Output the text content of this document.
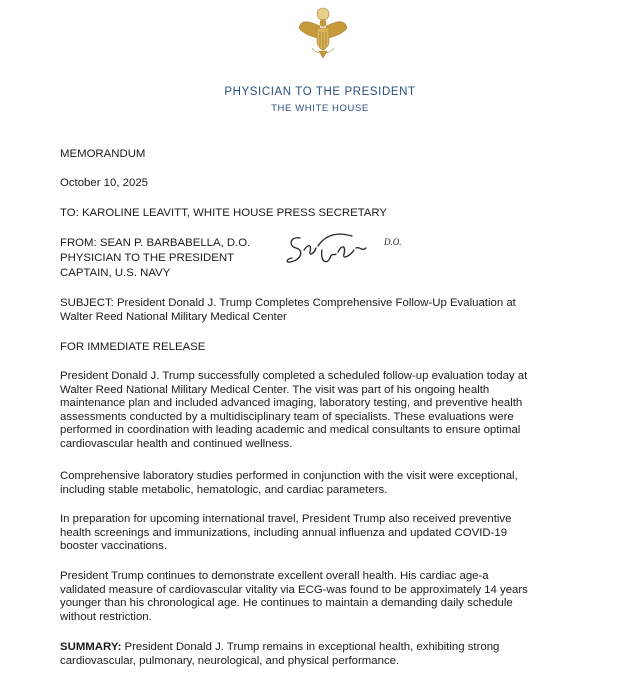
PHYSICIAN TO THE PRESIDENT
THE WHITE HOUSE
MEMORANDUM
October 10, 2025
TO: KAROLINE LEAVITT, WHITE HOUSE PRESS SECRETARY
FROM: SEAN P. BARBABELLA, D.O.
PHYSICIAN TO THE PRESIDENT
CAPTAIN, U.S. NAVY
D.O.
SUBJECT: President Donald J. Trump Completes Comprehensive Follow-Up Evaluation at
Walter Reed National Military Medical Center
FOR IMMEDIATE RELEASE
President Donald J. Trump successfully completed a scheduled follow-up evaluation today at
Walter Reed National Military Medical Center. The visit was part of his ongoing health
maintenance plan and included advanced imaging, laboratory testing, and preventive health
assessments conducted by a multidisciplinary team of specialists. These evaluations were
performed in coordination with leading academic and medical consultants to ensure optimal
cardiovascular health and continued wellness.
Comprehensive laboratory studies performed in conjunction with the visit were exceptional,
including stable metabolic, hematologic, and cardiac parameters.
In preparation for upcoming international travel, President Trump also received preventive
health screenings and immunizations, including annual influenza and updated COVID-19
booster vaccinations.
President Trump continues to demonstrate excellent overall health. His cardiac age-a
validated measure of cardiovascular vitality via ECG-was found to be approximately 14 years
younger than his chronological age. He continues to maintain a demanding daily schedule
without restriction.
SUMMARY: President Donald J. Trump remains in exceptional health, exhibiting strong
cardiovascular, pulmonary, neurological, and physical performance.
